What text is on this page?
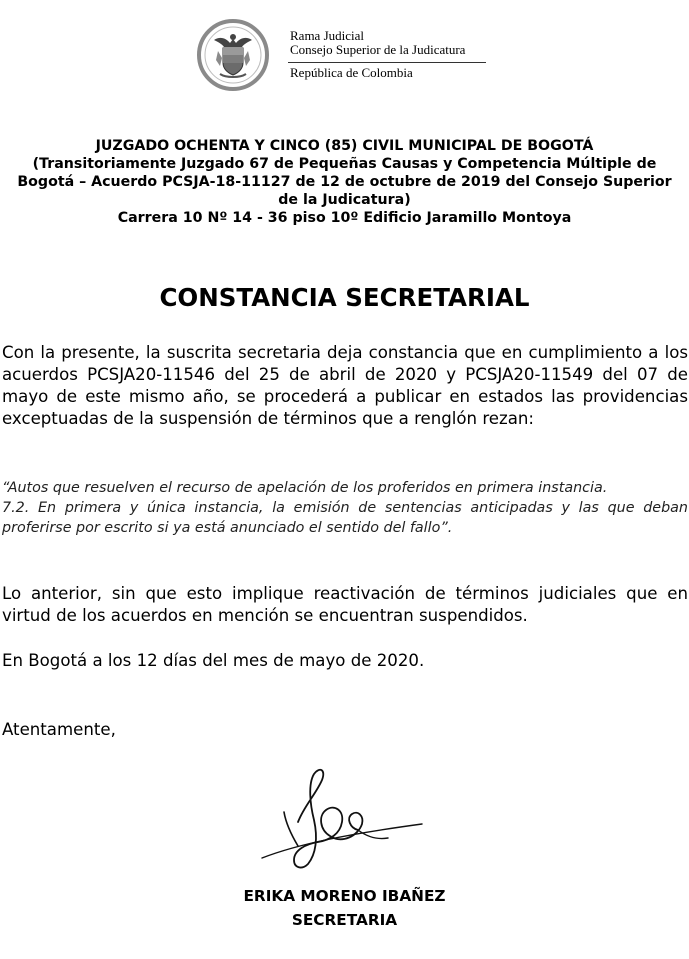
Rama Judicial
Consejo Superior de la Judicatura
República de Colombia
JUZGADO OCHENTA Y CINCO (85) CIVIL MUNICIPAL DE BOGOTÁ
(Transitoriamente Juzgado 67 de Pequeñas Causas y Competencia Múltiple de
Bogotá – Acuerdo PCSJA-18-11127 de 12 de octubre de 2019 del Consejo Superior
de la Judicatura)
Carrera 10 Nº 14 - 36 piso 10º Edificio Jaramillo Montoya
CONSTANCIA SECRETARIAL
Con la presente, la suscrita secretaria deja constancia que en cumplimiento a los acuerdos PCSJA20-11546 del 25 de abril de 2020 y PCSJA20-11549 del 07 de mayo de este mismo año, se procederá a publicar en estados las providencias exceptuadas de la suspensión de términos que a renglón rezan:
“Autos que resuelven el recurso de apelación de los proferidos en primera instancia.
7.2. En primera y única instancia, la emisión de sentencias anticipadas y las que deban proferirse por escrito si ya está anunciado el sentido del fallo”.
Lo anterior, sin que esto implique reactivación de términos judiciales que en virtud de los acuerdos en mención se encuentran suspendidos.
En Bogotá a los 12 días del mes de mayo de 2020.
Atentamente,
ERIKA MORENO IBAÑEZ
SECRETARIA
